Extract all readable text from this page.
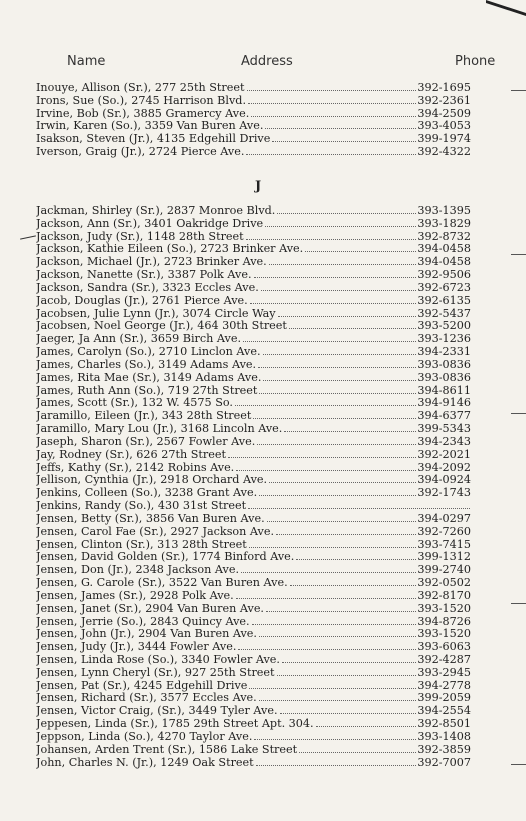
Name	Address	Phone
Inouye, Allison (Sr.), 277 25th Street	392-1695
Irons, Sue (So.), 2745 Harrison Blvd.	392-2361
Irvine, Bob (Sr.), 3885 Gramercy Ave.	394-2509
Irwin, Karen (So.), 3359 Van Buren Ave.	393-4053
Isakson, Steven (Jr.), 4135 Edgehill Drive	399-1974
Iverson, Graig (Jr.), 2724 Pierce Ave.	392-4322
J
Jackman, Shirley (Sr.), 2837 Monroe Blvd.	393-1395
Jackson, Ann (Sr.), 3401 Oakridge Drive	393-1829
Jackson, Judy (Sr.), 1148 28th Street	392-8732
Jackson, Kathie Eileen (So.), 2723 Brinker Ave.	394-0458
Jackson, Michael (Jr.), 2723 Brinker Ave.	394-0458
Jackson, Nanette (Sr.), 3387 Polk Ave.	392-9506
Jackson, Sandra (Sr.), 3323 Eccles Ave.	392-6723
Jacob, Douglas (Jr.), 2761 Pierce Ave.	392-6135
Jacobsen, Julie Lynn (Jr.), 3074 Circle Way	392-5437
Jacobsen, Noel George (Jr.), 464 30th Street	393-5200
Jaeger, Ja Ann (Sr.), 3659 Birch Ave.	393-1236
James, Carolyn (So.), 2710 Linclon Ave.	394-2331
James, Charles (So.), 3149 Adams Ave.	393-0836
James, Rita Mae (Sr.), 3149 Adams Ave.	393-0836
James, Ruth Ann (So.), 719 27th Street	394-8611
James, Scott (Sr.), 132 W. 4575 So.	394-9146
Jaramillo, Eileen (Jr.), 343 28th Street	394-6377
Jaramillo, Mary Lou (Jr.), 3168 Lincoln Ave.	399-5343
Jaseph, Sharon (Sr.), 2567 Fowler Ave.	394-2343
Jay, Rodney (Sr.), 626 27th Street	392-2021
Jeffs, Kathy (Sr.), 2142 Robins Ave.	394-2092
Jellison, Cynthia (Jr.), 2918 Orchard Ave.	394-0924
Jenkins, Colleen (So.), 3238 Grant Ave.	392-1743
Jenkins, Randy (So.), 430 31st Street
Jensen, Betty (Sr.), 3856 Van Buren Ave.	394-0297
Jensen, Carol Fae (Sr.), 2927 Jackson Ave.	392-7260
Jensen, Clinton (Sr.), 313 28th Street	393-7415
Jensen, David Golden (Sr.), 1774 Binford Ave.	399-1312
Jensen, Don (Jr.), 2348 Jackson Ave.	399-2740
Jensen, G. Carole (Sr.), 3522 Van Buren Ave.	392-0502
Jensen, James (Sr.), 2928 Polk Ave.	392-8170
Jensen, Janet (Sr.), 2904 Van Buren Ave.	393-1520
Jensen, Jerrie (So.), 2843 Quincy Ave.	394-8726
Jensen, John (Jr.), 2904 Van Buren Ave.	393-1520
Jensen, Judy (Jr.), 3444 Fowler Ave.	393-6063
Jensen, Linda Rose (So.), 3340 Fowler Ave.	392-4287
Jensen, Lynn Cheryl (Sr.), 927 25th Street	393-2945
Jensen, Pat (Sr.), 4245 Edgehill Drive	394-2778
Jensen, Richard (Sr.), 3577 Eccles Ave.	399-2059
Jensen, Victor Craig, (Sr.), 3449 Tyler Ave.	394-2554
Jeppesen, Linda (Sr.), 1785 29th Street Apt. 304.	392-8501
Jeppson, Linda (So.), 4270 Taylor Ave.	393-1408
Johansen, Arden Trent (Sr.), 1586 Lake Street	392-3859
John, Charles N. (Jr.), 1249 Oak Street	392-7007
